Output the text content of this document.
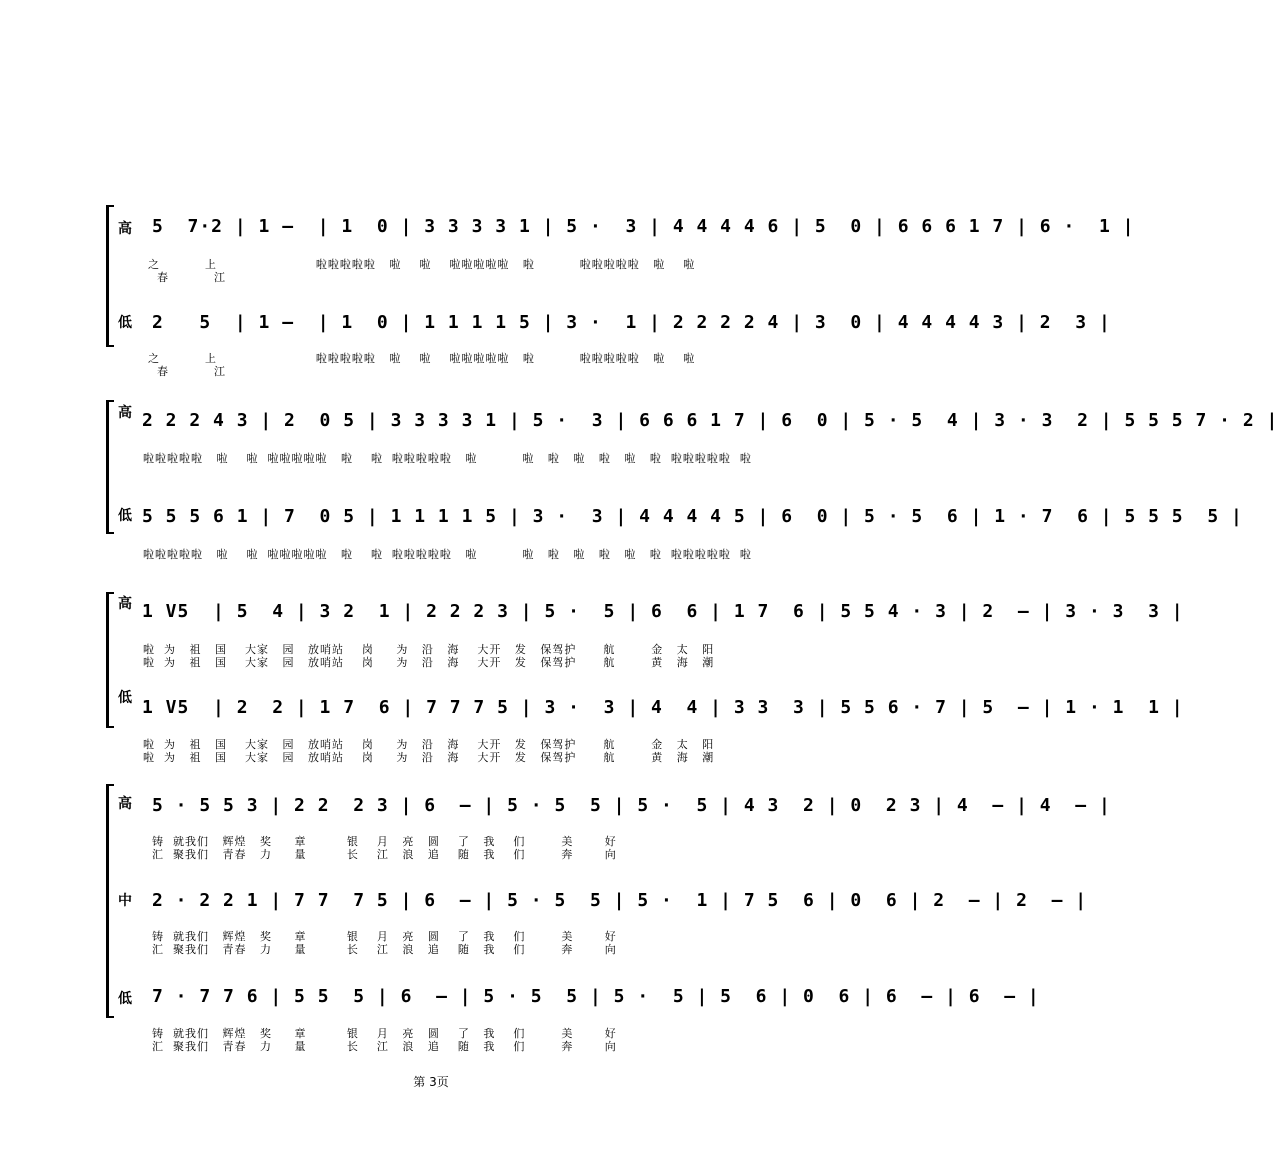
高 5  7·2 | 1 —  | 1  0 | 3 3 3 3 1 | 5 ·  3 | 4 4 4 4 6 | 5  0 | 6 6 6 1 7 | 6 ·  1 |
之          上                      啦啦啦啦啦   啦    啦    啦啦啦啦啦   啦          啦啦啦啦啦   啦    啦
春          江
低 2   5  | 1 —  | 1  0 | 1 1 1 1 5 | 3 ·  1 | 2 2 2 2 4 | 3  0 | 4 4 4 4 3 | 2  3 |
之          上                      啦啦啦啦啦   啦    啦    啦啦啦啦啦   啦          啦啦啦啦啦   啦    啦
春          江
高 2 2 2 4 3 | 2  0 5 | 3 3 3 3 1 | 5 ·  3 | 6 6 6 1 7 | 6  0 | 5 · 5  4 | 3 · 3  2 | 5 5 5 7 · 2 |
啦啦啦啦啦   啦    啦  啦啦啦啦啦   啦    啦  啦啦啦啦啦   啦          啦   啦   啦   啦   啦   啦  啦啦啦啦啦  啦
低 5 5 5 6 1 | 7  0 5 | 1 1 1 1 5 | 3 ·  3 | 4 4 4 4 5 | 6  0 | 5 · 5  6 | 1 · 7  6 | 5 5 5  5 |
啦啦啦啦啦   啦    啦  啦啦啦啦啦   啦    啦  啦啦啦啦啦   啦          啦   啦   啦   啦   啦   啦  啦啦啦啦啦  啦
高 1 V5  | 5  4 | 3 2  1 | 2 2 2 3 | 5 ·  5 | 6  6 | 1 7  6 | 5 5 4 · 3 | 2  — | 3 · 3  3 |
啦  为   祖   国    大家   园   放哨站    岗     为   沿   海    大开   发   保驾护      航        金   太   阳
啦  为   祖   国    大家   园   放哨站    岗     为   沿   海    大开   发   保驾护      航        黄   海   潮
低 1 V5  | 2  2 | 1 7  6 | 7 7 7 5 | 3 ·  3 | 4  4 | 3 3  3 | 5 5 6 · 7 | 5  — | 1 · 1  1 |
啦  为   祖   国    大家   园   放哨站    岗     为   沿   海    大开   发   保驾护      航        金   太   阳
啦  为   祖   国    大家   园   放哨站    岗     为   沿   海    大开   发   保驾护      航        黄   海   潮
高 5 · 5 5 3 | 2 2  2 3 | 6  — | 5 · 5  5 | 5 ·  5 | 4 3  2 | 0  2 3 | 4  — | 4  — |
铸  就我们   辉煌   奖     章         银    月   亮   圆    了   我    们        美       好
汇  聚我们   青春   力     量         长    江   浪   追    随   我    们        奔       向
中 2 · 2 2 1 | 7 7  7 5 | 6  — | 5 · 5  5 | 5 ·  1 | 7 5  6 | 0  6 | 2  — | 2  — |
铸  就我们   辉煌   奖     章         银    月   亮   圆    了   我    们        美       好
汇  聚我们   青春   力     量         长    江   浪   追    随   我    们        奔       向
低 7 · 7 7 6 | 5 5  5 | 6  — | 5 · 5  5 | 5 ·  5 | 5  6 | 0  6 | 6  — | 6  — |
铸  就我们   辉煌   奖     章         银    月   亮   圆    了   我    们        美       好
汇  聚我们   青春   力     量         长    江   浪   追    随   我    们        奔       向
第 3页
